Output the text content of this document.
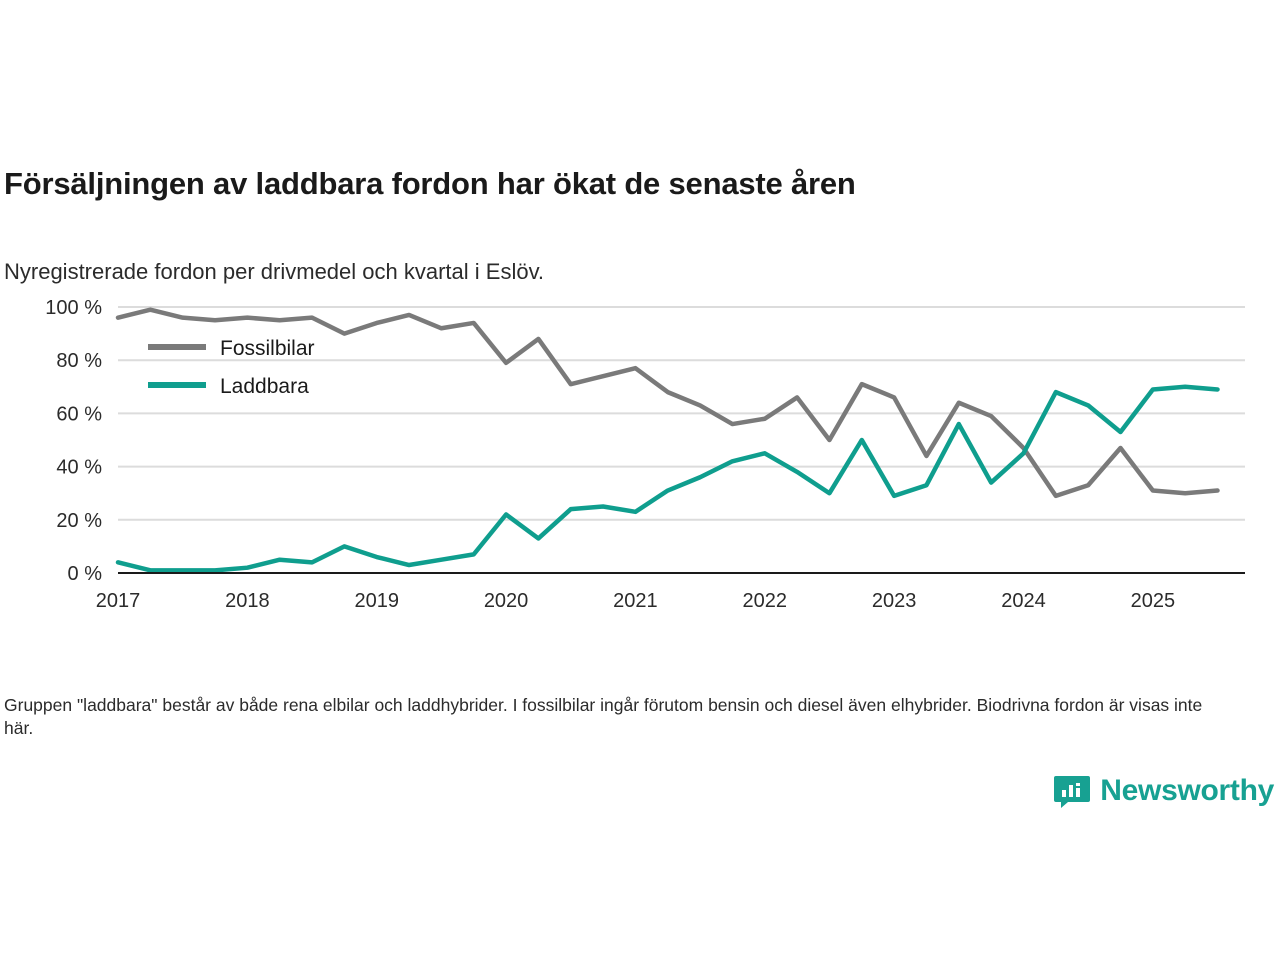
Försäljningen av laddbara fordon har ökat de senaste åren

Nyregistrerade fordon per drivmedel och kvartal i Eslöv.

0 %
20 %
40 %
60 %
80 %
100 %
2017	2018	2019	2020	2021	2022	2023	2024	2025
Fossilbilar
Laddbara

Gruppen "laddbara" består av både rena elbilar och laddhybrider. I fossilbilar ingår förutom bensin och diesel även elhybrider. Biodrivna fordon är visas inte här.

Newsworthy
